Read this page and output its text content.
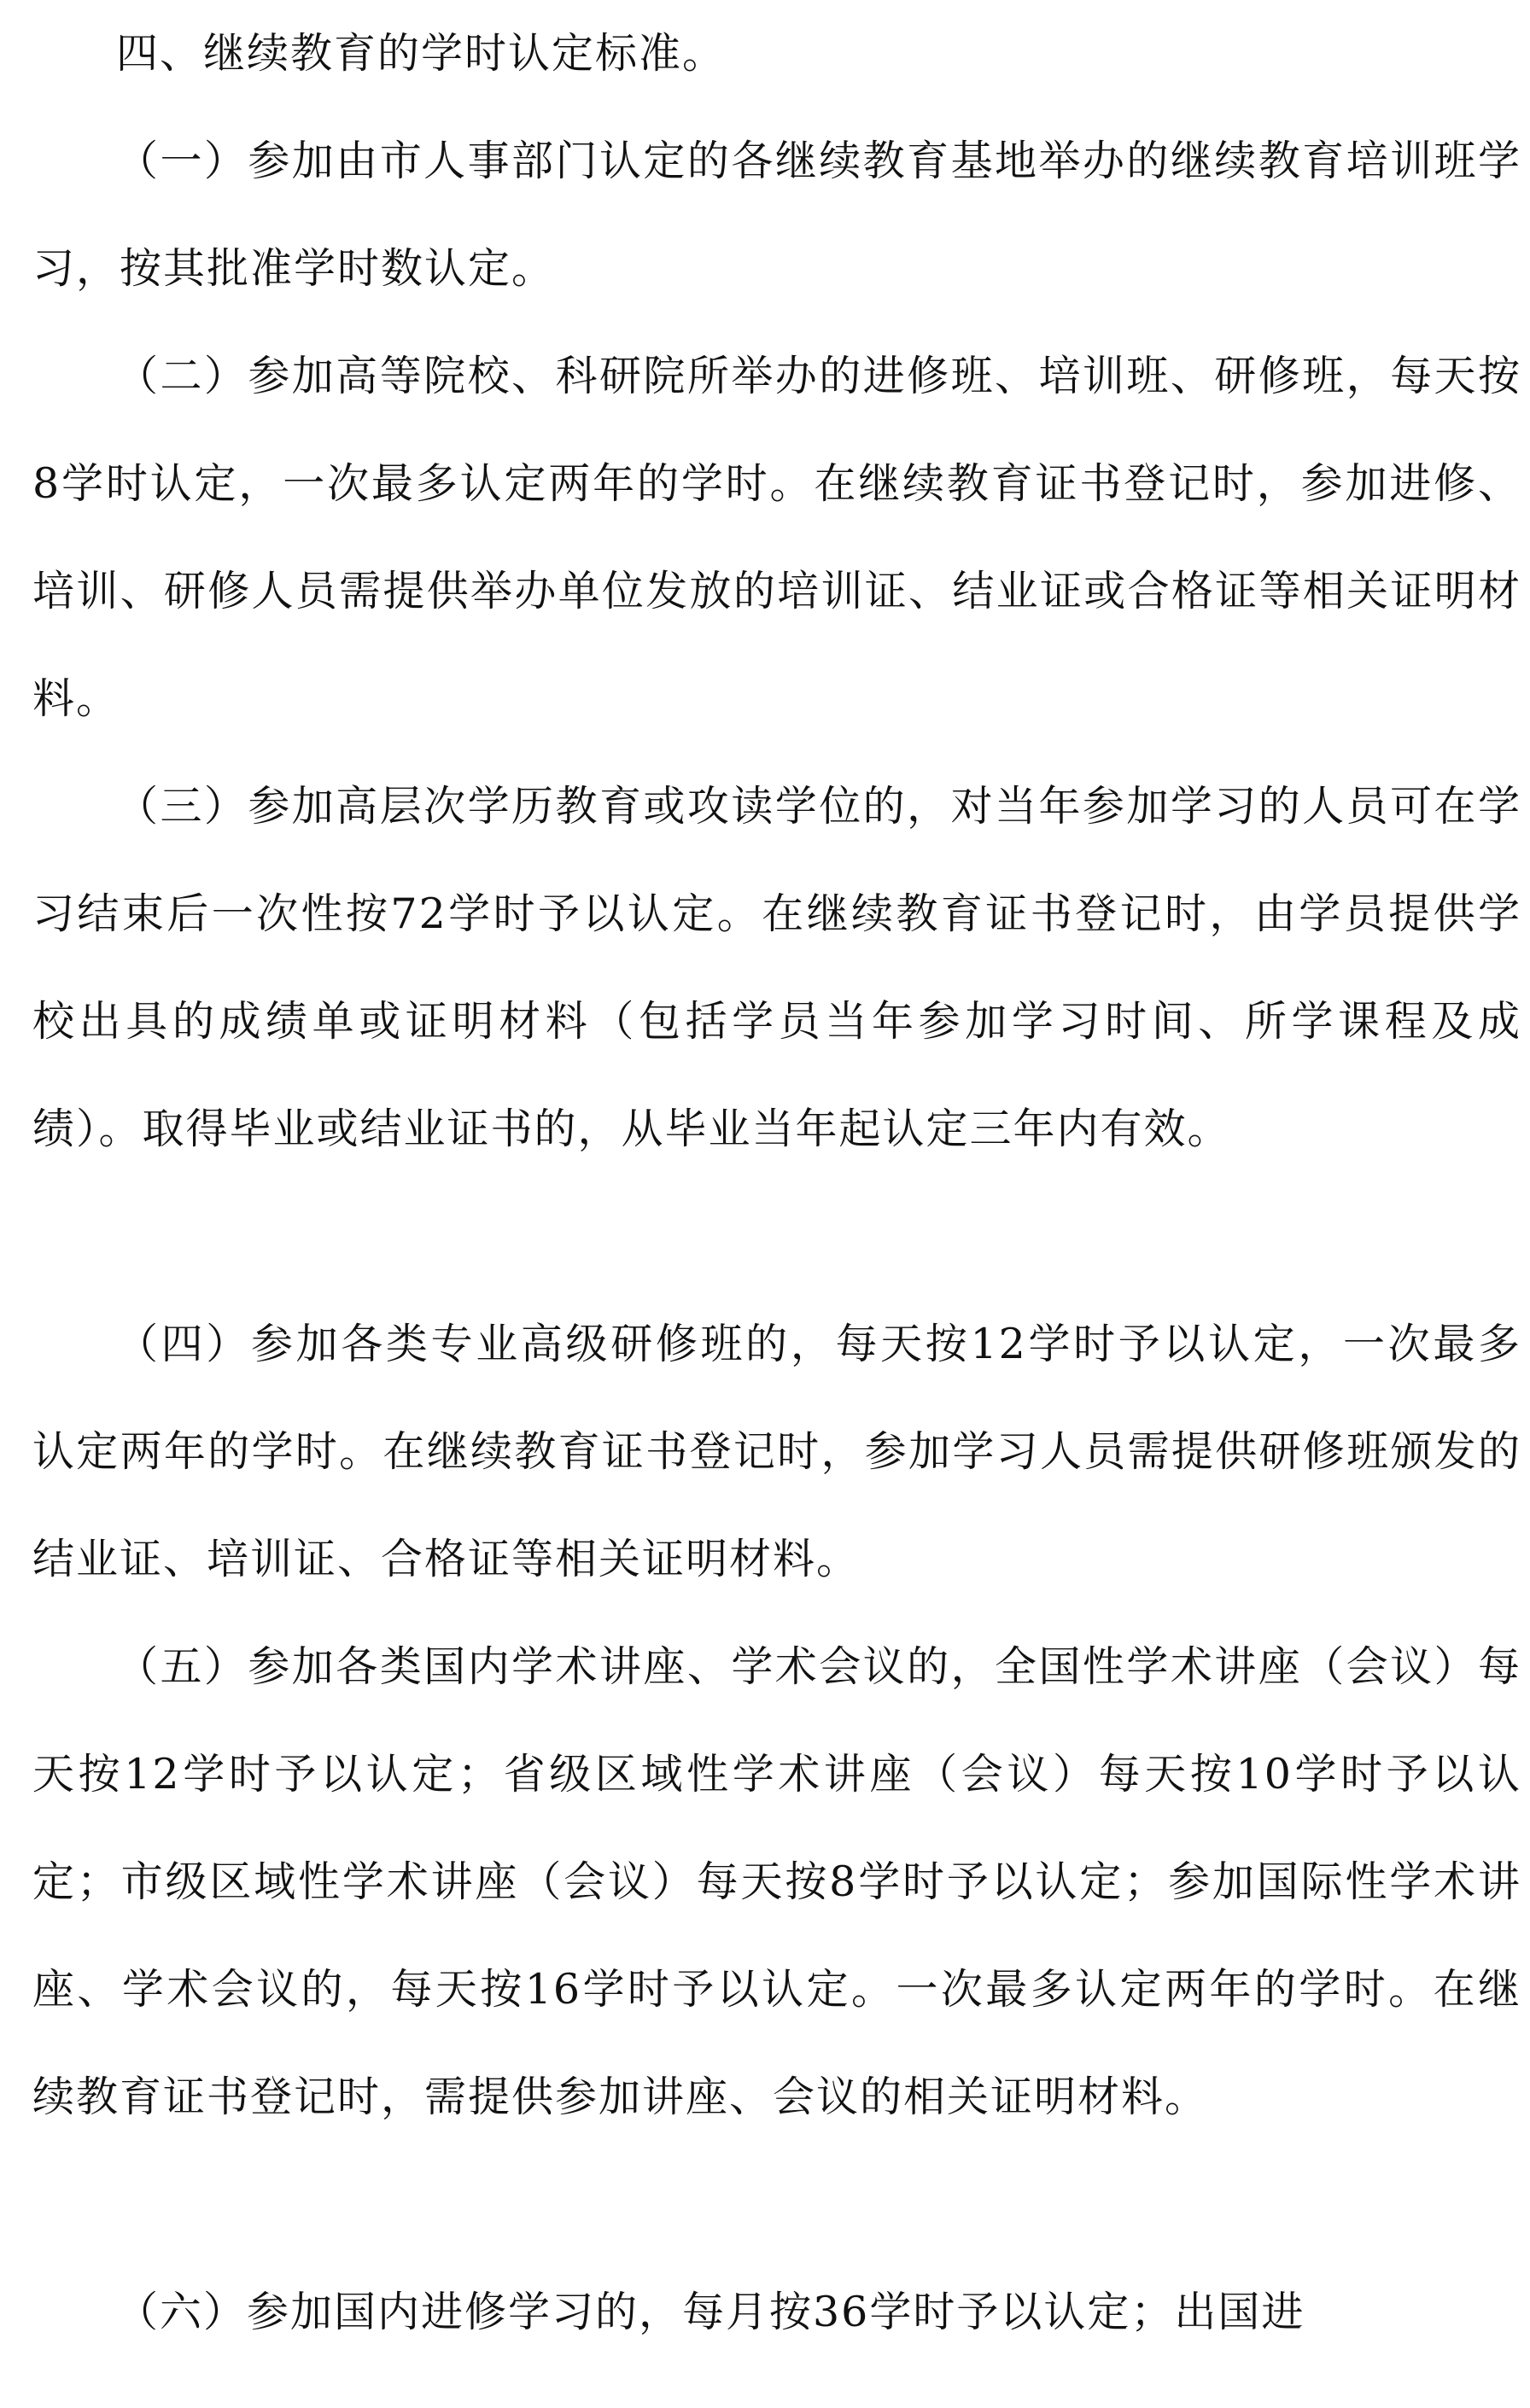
四、继续教育的学时认定标准。

（一）参加由市人事部门认定的各继续教育基地举办的继续教育培训班学习，按其批准学时数认定。

（二）参加高等院校、科研院所举办的进修班、培训班、研修班，每天按8学时认定，一次最多认定两年的学时。在继续教育证书登记时，参加进修、培训、研修人员需提供举办单位发放的培训证、结业证或合格证等相关证明材料。

（三）参加高层次学历教育或攻读学位的，对当年参加学习的人员可在学习结束后一次性按72学时予以认定。在继续教育证书登记时，由学员提供学校出具的成绩单或证明材料（包括学员当年参加学习时间、所学课程及成绩）。取得毕业或结业证书的，从毕业当年起认定三年内有效。

（四）参加各类专业高级研修班的，每天按12学时予以认定，一次最多认定两年的学时。在继续教育证书登记时，参加学习人员需提供研修班颁发的结业证、培训证、合格证等相关证明材料。

（五）参加各类国内学术讲座、学术会议的，全国性学术讲座（会议）每天按12学时予以认定；省级区域性学术讲座（会议）每天按10学时予以认定；市级区域性学术讲座（会议）每天按8学时予以认定；参加国际性学术讲座、学术会议的，每天按16学时予以认定。一次最多认定两年的学时。在继续教育证书登记时，需提供参加讲座、会议的相关证明材料。

（六）参加国内进修学习的，每月按36学时予以认定；出国进
